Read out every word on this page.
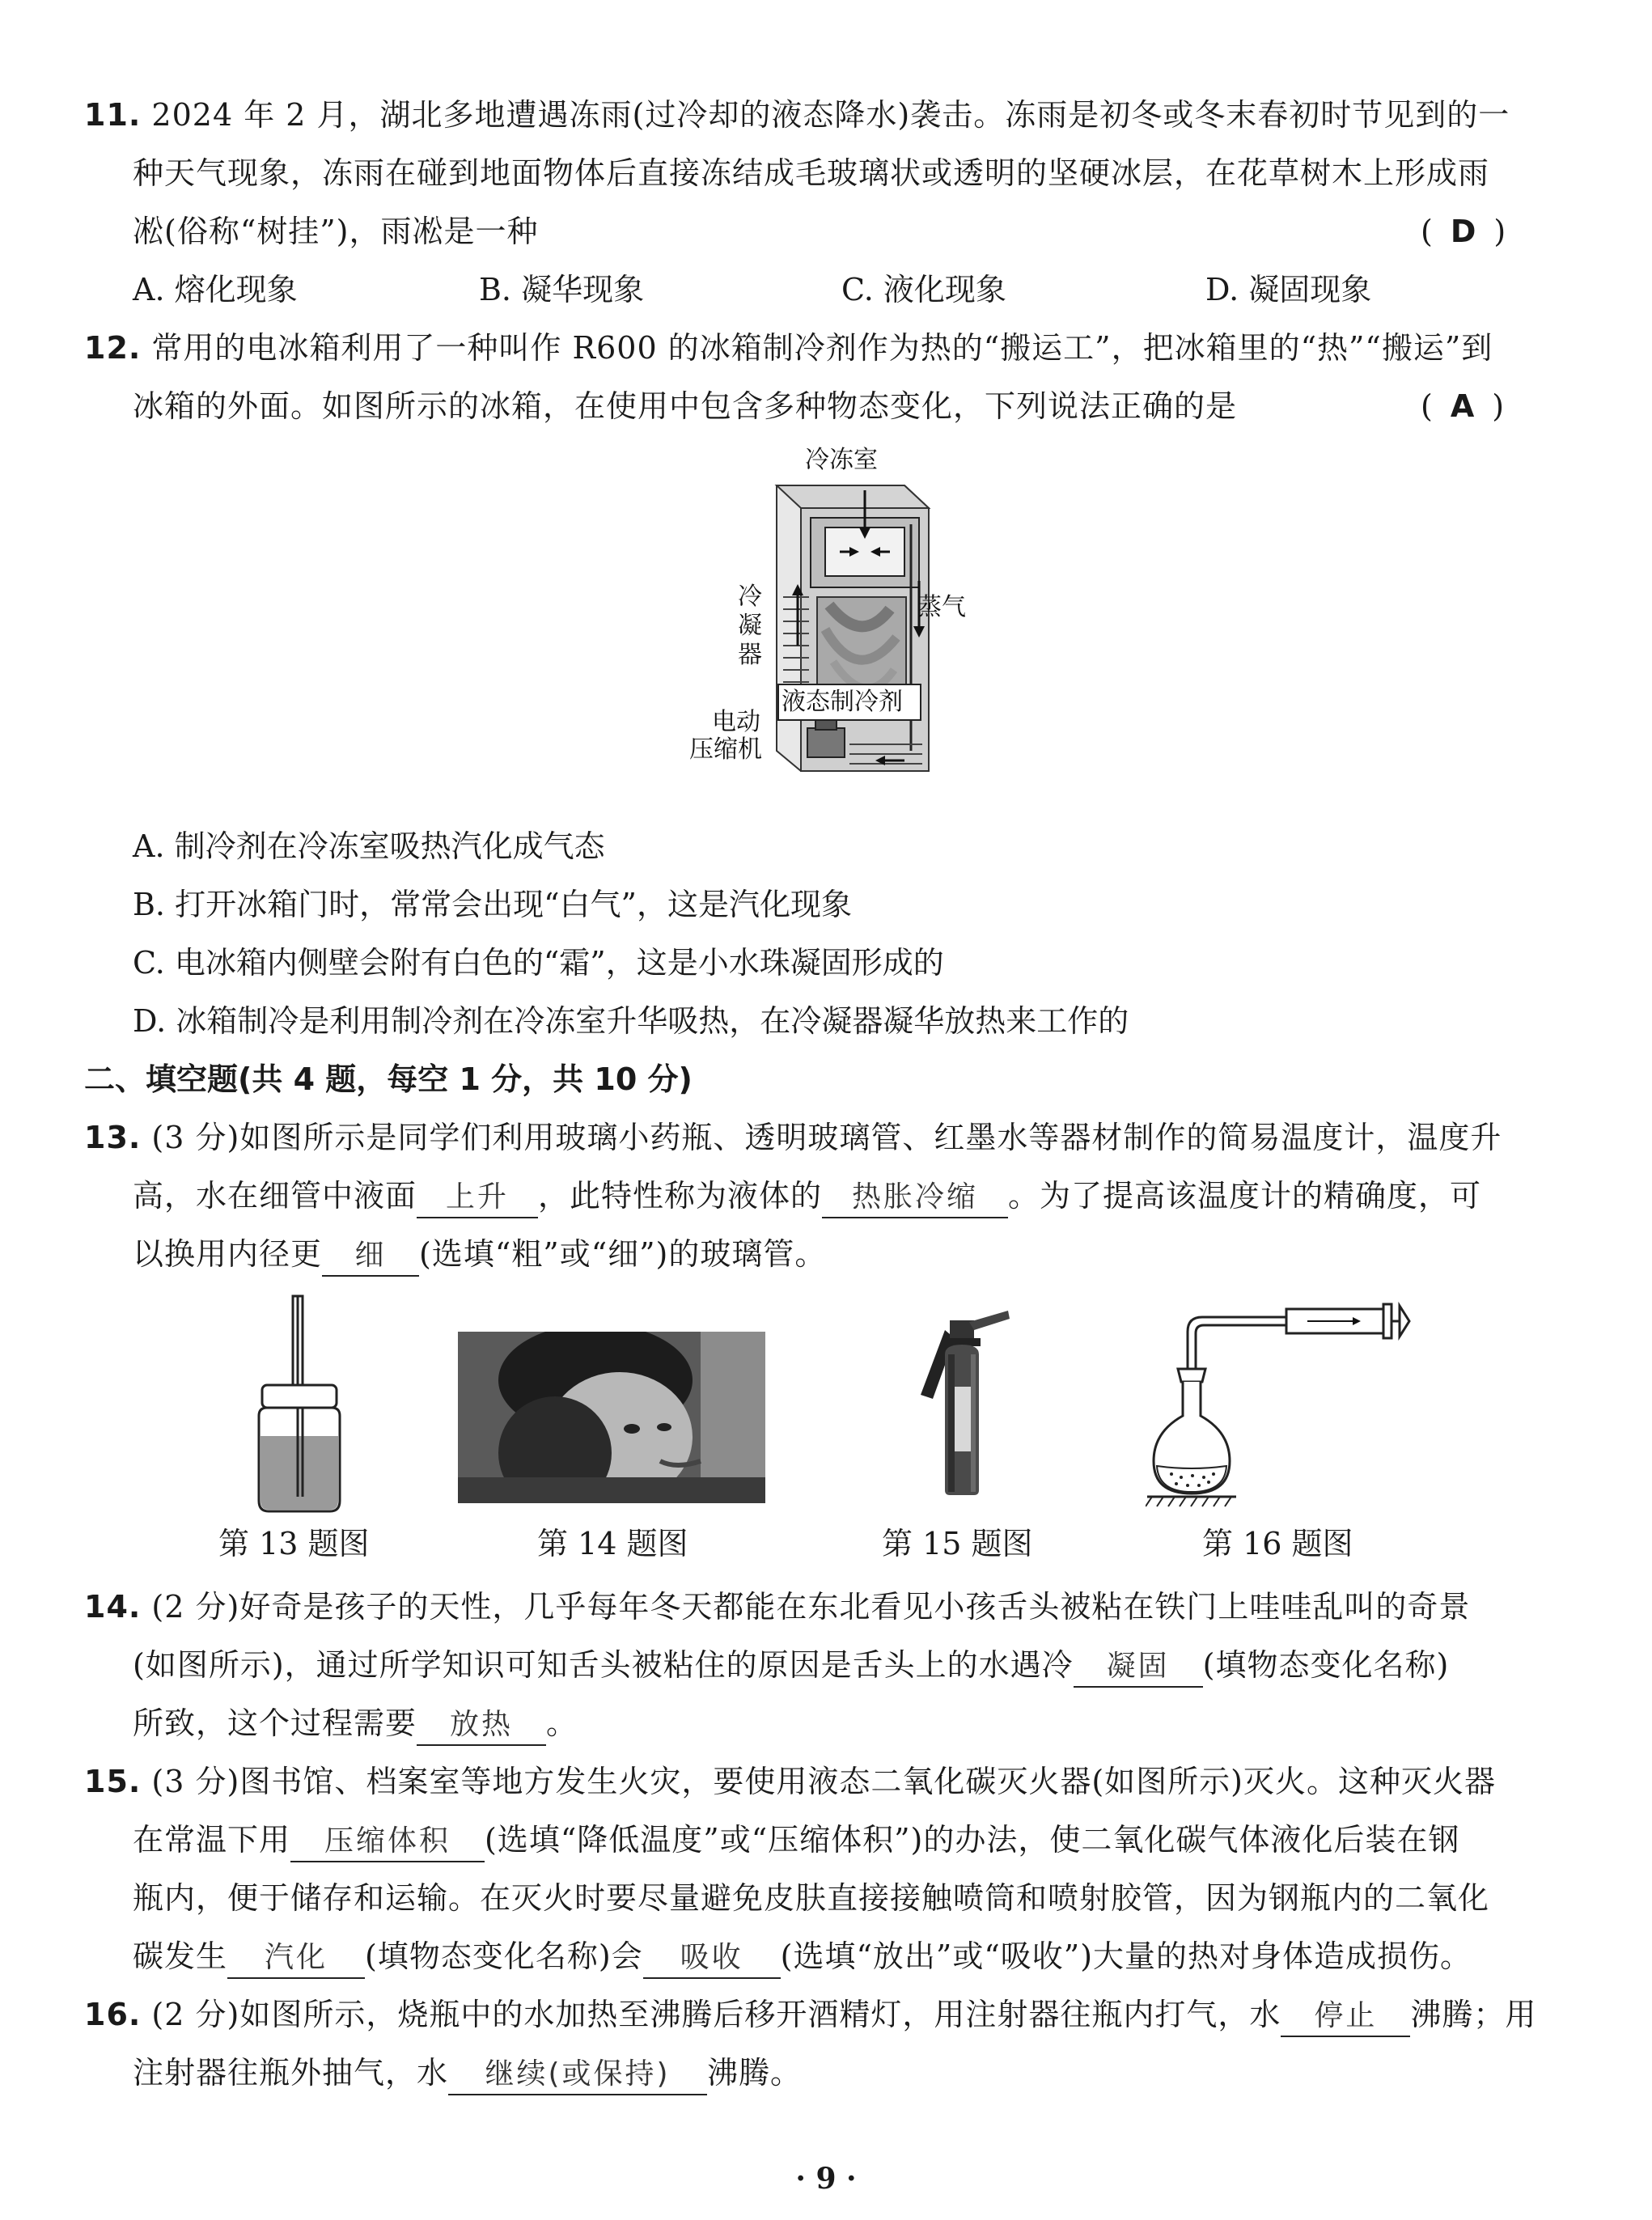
11. 2024 年 2 月，湖北多地遭遇冻雨(过冷却的液态降水)袭击。冻雨是初冬或冬末春初时节见到的一
种天气现象，冻雨在碰到地面物体后直接冻结成毛玻璃状或透明的坚硬冰层，在花草树木上形成雨
凇(俗称“树挂”)，雨凇是一种	( D )
A. 熔化现象	B. 凝华现象	C. 液化现象	D. 凝固现象
12. 常用的电冰箱利用了一种叫作 R600 的冰箱制冷剂作为热的“搬运工”，把冰箱里的“热”“搬运”到
冰箱的外面。如图所示的冰箱，在使用中包含多种物态变化，下列说法正确的是	( A )
冷冻室
蒸气
冷凝器
液态制冷剂
电动
压缩机
A. 制冷剂在冷冻室吸热汽化成气态
B. 打开冰箱门时，常常会出现“白气”，这是汽化现象
C. 电冰箱内侧壁会附有白色的“霜”，这是小水珠凝固形成的
D. 冰箱制冷是利用制冷剂在冷冻室升华吸热，在冷凝器凝华放热来工作的
二、填空题(共 4 题，每空 1 分，共 10 分)
13. (3 分)如图所示是同学们利用玻璃小药瓶、透明玻璃管、红墨水等器材制作的简易温度计，温度升
高，水在细管中液面 上升 ，此特性称为液体的 热胀冷缩 。为了提高该温度计的精确度，可
以换用内径更 细 (选填“粗”或“细”)的玻璃管。
第 13 题图	第 14 题图	第 15 题图	第 16 题图
14. (2 分)好奇是孩子的天性，几乎每年冬天都能在东北看见小孩舌头被粘在铁门上哇哇乱叫的奇景
(如图所示)，通过所学知识可知舌头被粘住的原因是舌头上的水遇冷 凝固 (填物态变化名称)
所致，这个过程需要 放热 。
15. (3 分)图书馆、档案室等地方发生火灾，要使用液态二氧化碳灭火器(如图所示)灭火。这种灭火器
在常温下用 压缩体积 (选填“降低温度”或“压缩体积”)的办法，使二氧化碳气体液化后装在钢
瓶内，便于储存和运输。在灭火时要尽量避免皮肤直接接触喷筒和喷射胶管，因为钢瓶内的二氧化
碳发生 汽化 (填物态变化名称)会 吸收 (选填“放出”或“吸收”)大量的热对身体造成损伤。
16. (2 分)如图所示，烧瓶中的水加热至沸腾后移开酒精灯，用注射器往瓶内打气，水 停止 沸腾；用
注射器往瓶外抽气，水 继续(或保持) 沸腾。
· 9 ·
